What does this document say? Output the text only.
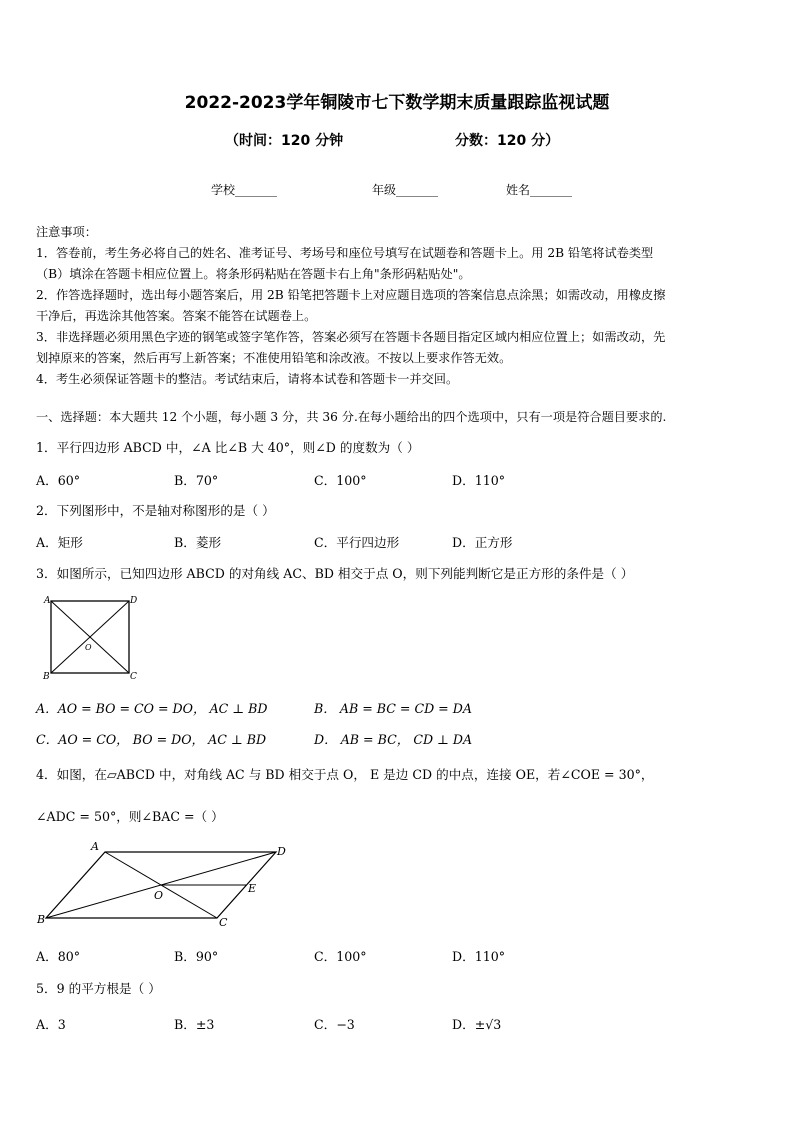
2022-2023学年铜陵市七下数学期末质量跟踪监视试题
（时间：120 分钟	分数：120 分）
学校_______	年级_______	姓名_______
注意事项：
1．答卷前，考生务必将自己的姓名、准考证号、考场号和座位号填写在试题卷和答题卡上。用 2B 铅笔将试卷类型
（B）填涂在答题卡相应位置上。将条形码粘贴在答题卡右上角"条形码粘贴处"。
2．作答选择题时，选出每小题答案后，用 2B 铅笔把答题卡上对应题目选项的答案信息点涂黑；如需改动，用橡皮擦
干净后，再选涂其他答案。答案不能答在试题卷上。
3．非选择题必须用黑色字迹的钢笔或签字笔作答，答案必须写在答题卡各题目指定区域内相应位置上；如需改动，先
划掉原来的答案，然后再写上新答案；不准使用铅笔和涂改液。不按以上要求作答无效。
4．考生必须保证答题卡的整洁。考试结束后，请将本试卷和答题卡一并交回。
一、选择题：本大题共 12 个小题，每小题 3 分，共 36 分.在每小题给出的四个选项中，只有一项是符合题目要求的.
1．平行四边形 ABCD 中，∠A 比∠B 大 40°，则∠D 的度数为（ ）
A．60°	B．70°	C．100°	D．110°
2．下列图形中，不是轴对称图形的是（ ）
A．矩形	B．菱形	C．平行四边形	D．正方形
3．如图所示，已知四边形 ABCD 的对角线 AC、BD 相交于点 O，则下列能判断它是正方形的条件是（ ）
A	D
O
B	C
A．AO = BO = CO = DO， AC ⊥ BD	B． AB = BC = CD = DA
C．AO = CO， BO = DO， AC ⊥ BD	D． AB = BC， CD ⊥ DA
4．如图，在▱ABCD 中，对角线 AC 与 BD 相交于点 O， E 是边 CD 的中点，连接 OE，若∠COE = 30°，
∠ADC = 50°，则∠BAC =（ ）
A	D
E
O
B	C
A．80°	B．90°	C．100°	D．110°
5．9 的平方根是（ ）
A．3	B．±3	C．−3	D．±√3
